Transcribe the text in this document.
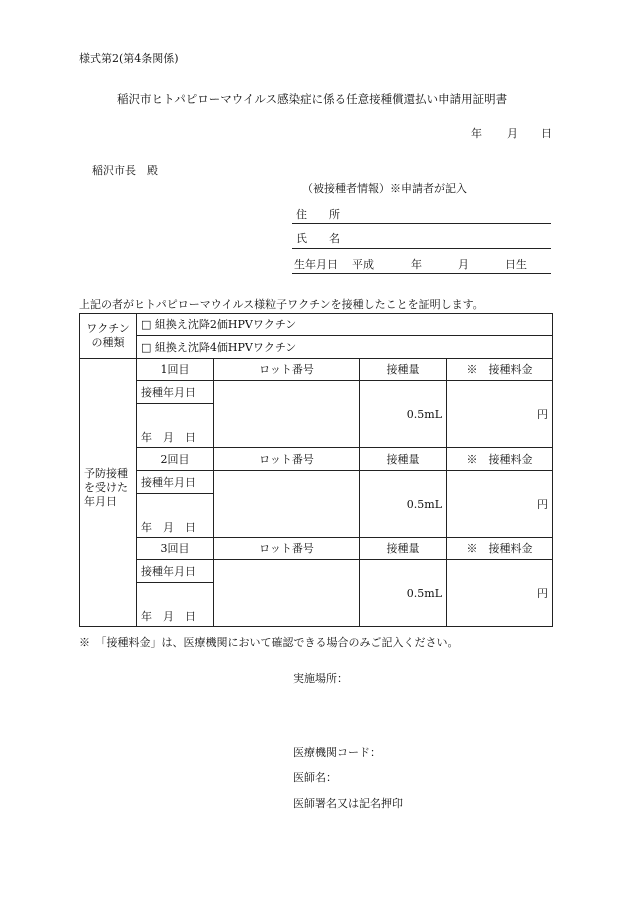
様式第2(第4条関係)
稲沢市ヒトパピローマウイルス感染症に係る任意接種償還払い申請用証明書
年 月 日
稲沢市長　殿
（被接種者情報）※申請者が記入
住　　所
氏　　名
生年月日 平成	年	月	日生
上記の者がヒトパピローマウイルス様粒子ワクチンを接種したことを証明します。
ワクチン
の種類	□ 組換え沈降2価HPVワクチン			
	□ 組換え沈降4価HPVワクチン			
予防接種
を受けた
年月日	1回目	ロット番号	接種量	※　接種料金
	接種年月日		0.5mL	円

	年　月　日			
	2回目	ロット番号	接種量	※　接種料金
	接種年月日		0.5mL	円

	年　月　日			
	3回目	ロット番号	接種量	※　接種料金
	接種年月日		0.5mL	円

	年　月　日			
※　「接種料金」は、医療機関において確認できる場合のみご記入ください。
実施場所：
医療機関コード：
医師名：
医師署名又は記名押印
